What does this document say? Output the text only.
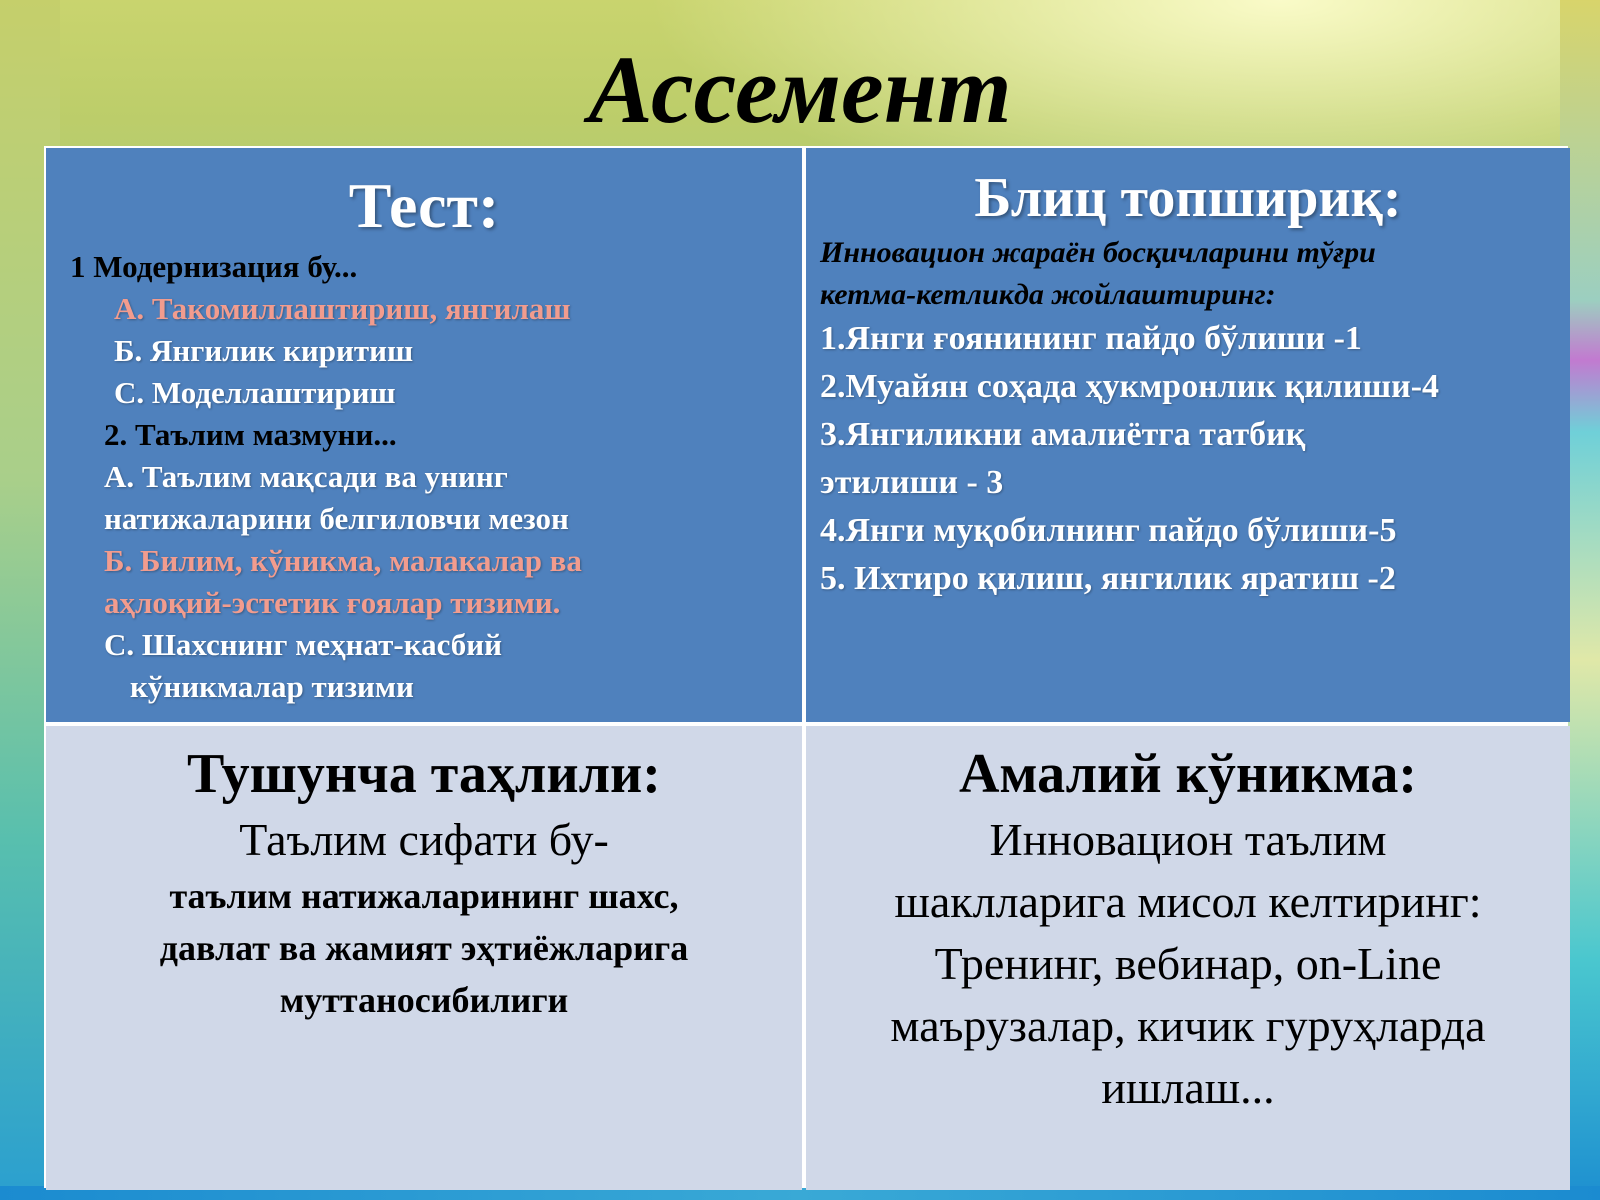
Ассемент
Тест:
1 Модернизация бу...
А. Такомиллаштириш, янгилаш
Б. Янгилик киритиш
С. Моделлаштириш
2. Таълим мазмуни...
А. Таълим мақсади ва унинг
натижаларини белгиловчи мезон
Б. Билим, кўникма, малакалар ва
аҳлоқий-эстетик ғоялар тизими.
С. Шахснинг меҳнат-касбий
кўникмалар тизими
Блиц топшириқ:
Инновацион жараён босқичларини тўғри
кетма-кетликда жойлаштиринг:
1.Янги ғоянининг пайдо бўлиши -1
2.Муайян соҳада ҳукмронлик қилиши-4
3.Янгиликни амалиётга татбиқ
этилиши - 3
4.Янги муқобилнинг пайдо бўлиши-5
5. Ихтиро қилиш, янгилик яратиш -2
Тушунча таҳлили:
Таълим сифати бу-
таълим натижаларининг шахс,
давлат ва жамият эҳтиёжларига
муттаносибилиги
Амалий кўникма:
Инновацион таълим
шаклларига мисол келтиринг:
Тренинг, вебинар, on-Line
маърузалар, кичик гуруҳларда
ишлаш...
